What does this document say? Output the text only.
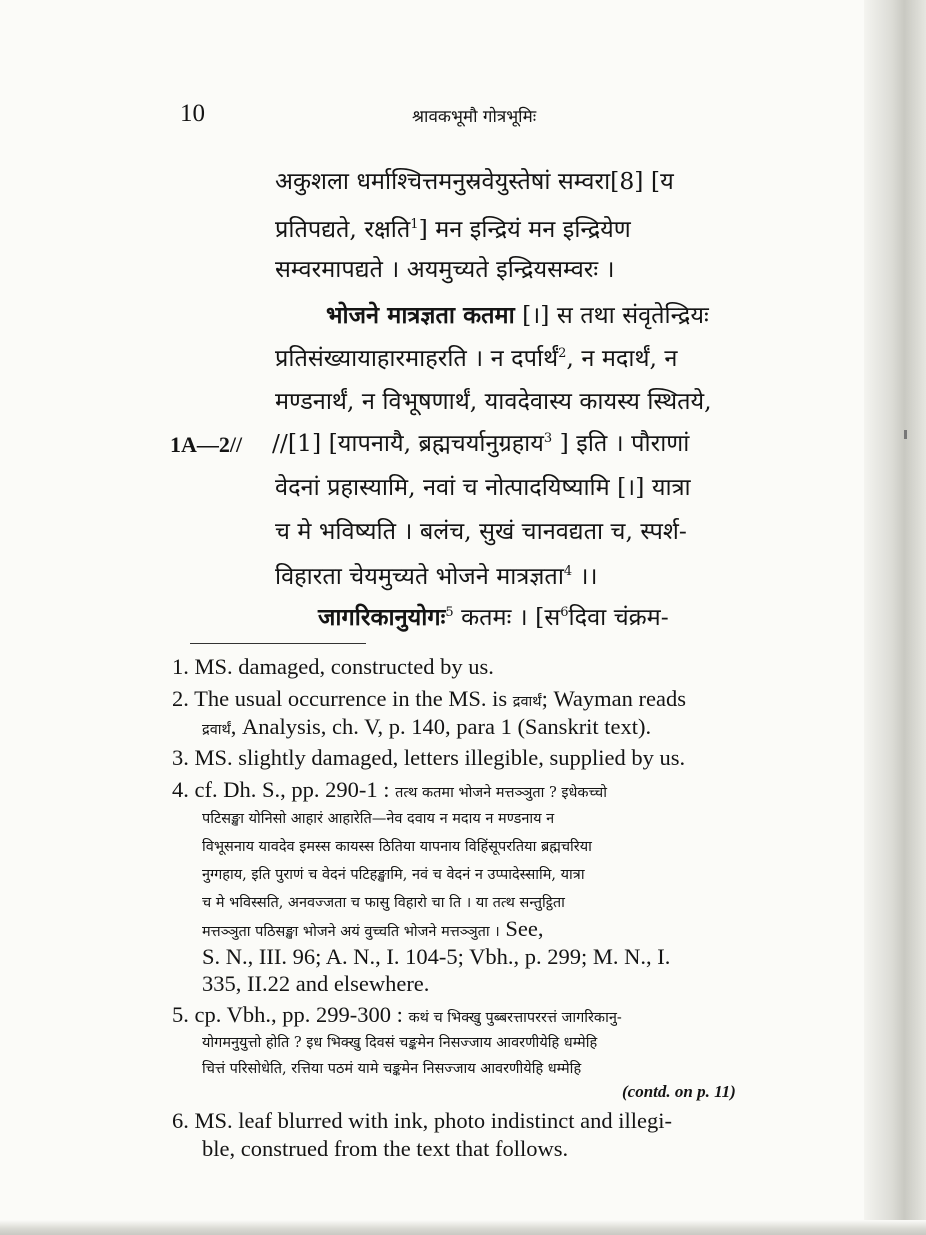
10	श्रावकभूमौ गोत्रभूमिः
1A—2//
अकुशला धर्माश्चित्तमनुस्रवेयुस्तेषां सम्वरा[8] [य
प्रतिपद्यते, रक्षति$^1$] मन इन्द्रियं मन इन्द्रियेण
सम्वरमापद्यते । अयमुच्यते इन्द्रियसम्वरः ।
भोजने मात्रज्ञता कतमा [।] स तथा संवृतेन्द्रियः
प्रतिसंख्यायाहारमाहरति । न दर्पार्थं$^2$, न मदार्थं, न
मण्डनार्थं, न विभूषणार्थं, यावदेवास्य कायस्य स्थितये,
//[1] [यापनायै, ब्रह्मचर्यानुग्रहाय$^3$ ] इति । पौराणां
वेदनां प्रहास्यामि, नवां च नोत्पादयिष्यामि [।] यात्रा
च मे भविष्यति । बलंच, सुखं चानवद्यता च, स्पर्श-
विहारता चेयमुच्यते भोजने मात्रज्ञता$^4$ ।।
जागरिकानुयोगः$^5$ कतमः । [स$^6$दिवा चंक्रम-
1. MS. damaged, constructed by us.
2. The usual occurrence in the MS. is द्रवार्थं; Wayman reads
द्रवार्थं, Analysis, ch. V, p. 140, para 1 (Sanskrit text).
3. MS. slightly damaged, letters illegible, supplied by us.
4. cf. Dh. S., pp. 290-1 : तत्थ कतमा भोजने मत्तञ्ञुता ? इधेकच्चो
पटिसङ्खा योनिसो आहारं आहारेति—नेव दवाय न मदाय न मण्डनाय न
विभूसनाय यावदेव इमस्स कायस्स ठितिया यापनाय विहिंसूपरतिया ब्रह्मचरिया
नुग्गहाय, इति पुराणं च वेदनं पटिहङ्खामि, नवं च वेदनं न उप्पादेस्सामि, यात्रा
च मे भविस्सति, अनवज्जता च फासु विहारो चा ति । या तत्थ सन्तुट्ठिता
मत्तञ्ञुता पठिसङ्खा भोजने अयं वुच्चति भोजने मत्तञ्ञुता । See,
S. N., III. 96; A. N., I. 104-5; Vbh., p. 299; M. N., I.
335, II.22 and elsewhere.
5. cp. Vbh., pp. 299-300 : कथं च भिक्खु पुब्बरत्तापररत्तं जागरिकानु-
योगमनुयुत्तो होति ? इध भिक्खु दिवसं चङ्कमेन निसज्जाय आवरणीयेहि धम्मेहि
चित्तं परिसोधेति, रत्तिया पठमं यामे चङ्कमेन निसज्जाय आवरणीयेहि धम्मेहि
(contd. on p. 11)
6. MS. leaf blurred with ink, photo indistinct and illegi-
ble, construed from the text that follows.
